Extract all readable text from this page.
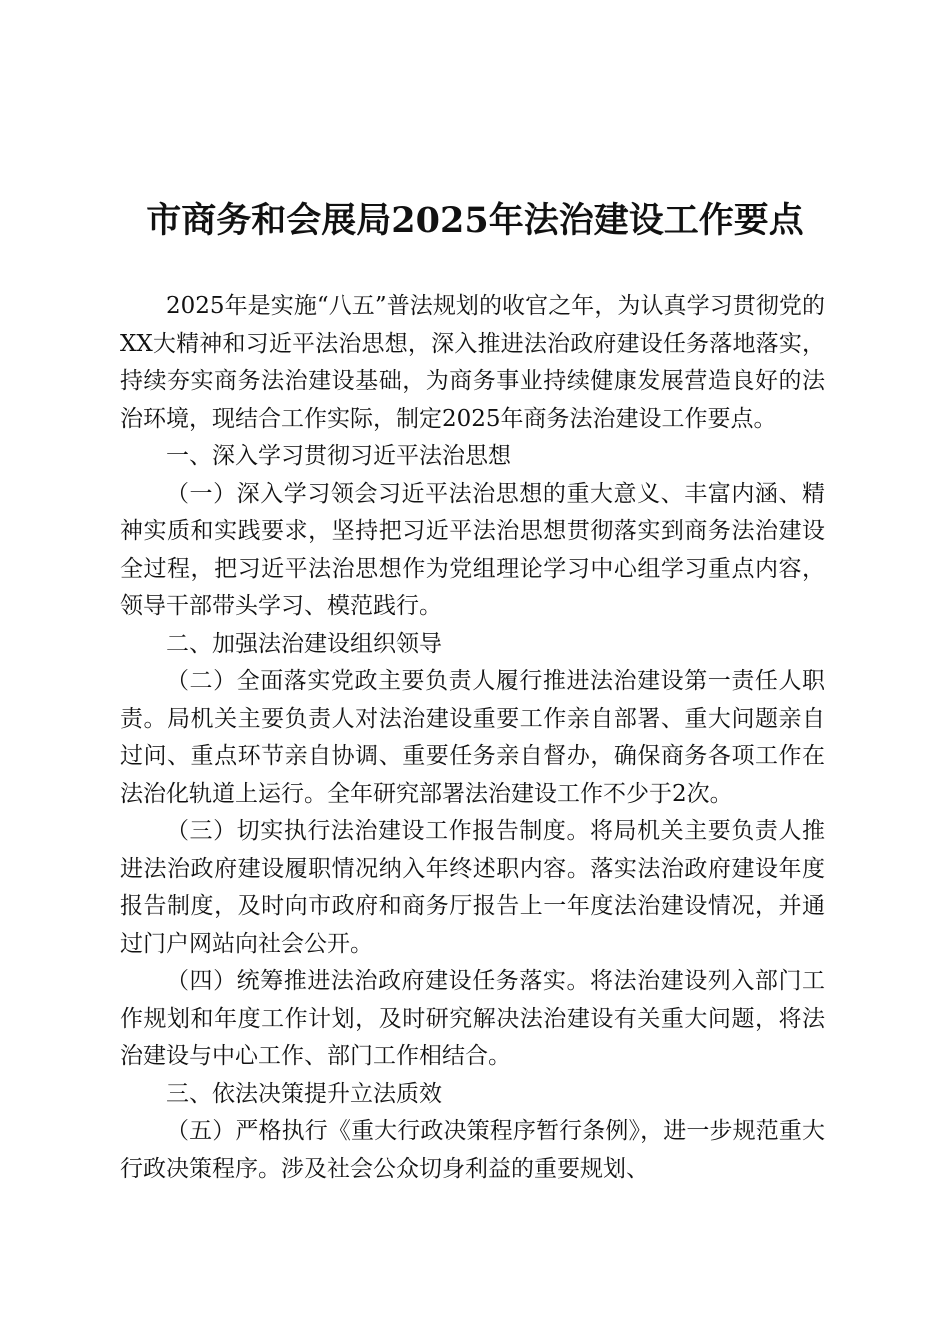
市商务和会展局2025年法治建设工作要点

2025年是实施“八五”普法规划的收官之年，为认真学习贯彻党的XX大精神和习近平法治思想，深入推进法治政府建设任务落地落实，持续夯实商务法治建设基础，为商务事业持续健康发展营造良好的法治环境，现结合工作实际，制定2025年商务法治建设工作要点。

一、深入学习贯彻习近平法治思想

（一）深入学习领会习近平法治思想的重大意义、丰富内涵、精神实质和实践要求，坚持把习近平法治思想贯彻落实到商务法治建设全过程，把习近平法治思想作为党组理论学习中心组学习重点内容，领导干部带头学习、模范践行。

二、加强法治建设组织领导

（二）全面落实党政主要负责人履行推进法治建设第一责任人职责。局机关主要负责人对法治建设重要工作亲自部署、重大问题亲自过问、重点环节亲自协调、重要任务亲自督办，确保商务各项工作在法治化轨道上运行。全年研究部署法治建设工作不少于2次。

（三）切实执行法治建设工作报告制度。将局机关主要负责人推进法治政府建设履职情况纳入年终述职内容。落实法治政府建设年度报告制度，及时向市政府和商务厅报告上一年度法治建设情况，并通过门户网站向社会公开。

（四）统筹推进法治政府建设任务落实。将法治建设列入部门工作规划和年度工作计划，及时研究解决法治建设有关重大问题，将法治建设与中心工作、部门工作相结合。

三、依法决策提升立法质效

（五）严格执行《重大行政决策程序暂行条例》，进一步规范重大行政决策程序。涉及社会公众切身利益的重要规划、
